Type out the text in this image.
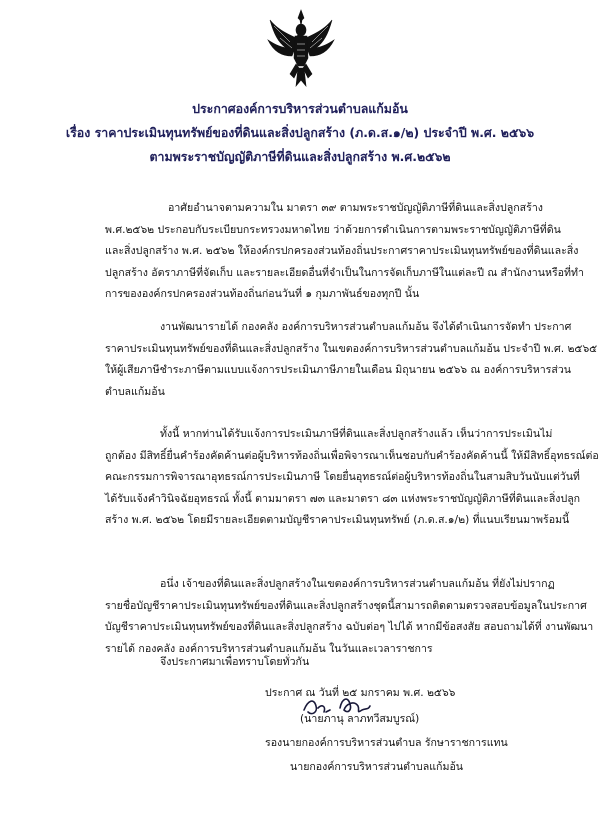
ประกาศองค์การบริหารส่วนตำบลแก้มอ้น
เรื่อง ราคาประเมินทุนทรัพย์ของที่ดินและสิ่งปลูกสร้าง (ภ.ด.ส.๑/๒) ประจำปี พ.ศ. ๒๕๖๖
ตามพระราชบัญญัติภาษีที่ดินและสิ่งปลูกสร้าง พ.ศ.๒๕๖๒
อาศัยอำนาจตามความใน มาตรา ๓๙ ตามพระราชบัญญัติภาษีที่ดินและสิ่งปลูกสร้าง
พ.ศ.๒๕๖๒ ประกอบกับระเบียบกระทรวงมหาดไทย ว่าด้วยการดำเนินการตามพระราชบัญญัติภาษีที่ดิน
และสิ่งปลูกสร้าง พ.ศ. ๒๕๖๒ ให้องค์กรปกครองส่วนท้องถิ่นประกาศราคาประเมินทุนทรัพย์ของที่ดินและสิ่ง
ปลูกสร้าง อัตราภาษีที่จัดเก็บ และรายละเอียดอื่นที่จำเป็นในการจัดเก็บภาษีในแต่ละปี ณ สำนักงานหรือที่ทำ
การขององค์กรปกครองส่วนท้องถิ่นก่อนวันที่ ๑ กุมภาพันธ์ของทุกปี นั้น
งานพัฒนารายได้ กองคลัง องค์การบริหารส่วนตำบลแก้มอ้น จึงได้ดำเนินการจัดทำ ประกาศ
ราคาประเมินทุนทรัพย์ของที่ดินและสิ่งปลูกสร้าง ในเขตองค์การบริหารส่วนตำบลแก้มอ้น ประจำปี พ.ศ. ๒๕๖๕
ให้ผู้เสียภาษีชำระภาษีตามแบบแจ้งการประเมินภาษีภายในเดือน มิถุนายน ๒๕๖๖ ณ องค์การบริหารส่วน
ตำบลแก้มอ้น
ทั้งนี้ หากท่านได้รับแจ้งการประเมินภาษีที่ดินและสิ่งปลูกสร้างแล้ว เห็นว่าการประเมินไม่
ถูกต้อง มีสิทธิ์ยื่นคำร้องคัดค้านต่อผู้บริหารท้องถิ่นเพื่อพิจารณาเห็นชอบกับคำร้องคัดค้านนี้ ให้มีสิทธิ์อุทธรณ์ต่อ
คณะกรรมการพิจารณาอุทธรณ์การประเมินภาษี โดยยื่นอุทธรณ์ต่อผู้บริหารท้องถิ่นในสามสิบวันนับแต่วันที่
ได้รับแจ้งคำวินิจฉัยอุทธรณ์ ทั้งนี้ ตามมาตรา ๗๓ และมาตรา ๘๓ แห่งพระราชบัญญัติภาษีที่ดินและสิ่งปลูก
สร้าง พ.ศ. ๒๕๖๒ โดยมีรายละเอียดตามบัญชีราคาประเมินทุนทรัพย์ (ภ.ด.ส.๑/๒) ที่แนบเรียนมาพร้อมนี้
อนึ่ง เจ้าของที่ดินและสิ่งปลูกสร้างในเขตองค์การบริหารส่วนตำบลแก้มอ้น ที่ยังไม่ปรากฏ
รายชื่อบัญชีราคาประเมินทุนทรัพย์ของที่ดินและสิ่งปลูกสร้างชุดนี้สามารถติดตามตรวจสอบข้อมูลในประกาศ
บัญชีราคาประเมินทุนทรัพย์ของที่ดินและสิ่งปลูกสร้าง ฉบับต่อๆ ไปได้ หากมีข้อสงสัย สอบถามได้ที่ งานพัฒนา
รายได้ กองคลัง องค์การบริหารส่วนตำบลแก้มอ้น ในวันและเวลาราชการ
จึงประกาศมาเพื่อทราบโดยทั่วกัน
ประกาศ ณ วันที่ ๒๕ มกราคม พ.ศ. ๒๕๖๖
(นายภานุ ลาภทวีสมบูรณ์)
รองนายกองค์การบริหารส่วนตำบล รักษาราชการแทน
นายกองค์การบริหารส่วนตำบลแก้มอ้น
